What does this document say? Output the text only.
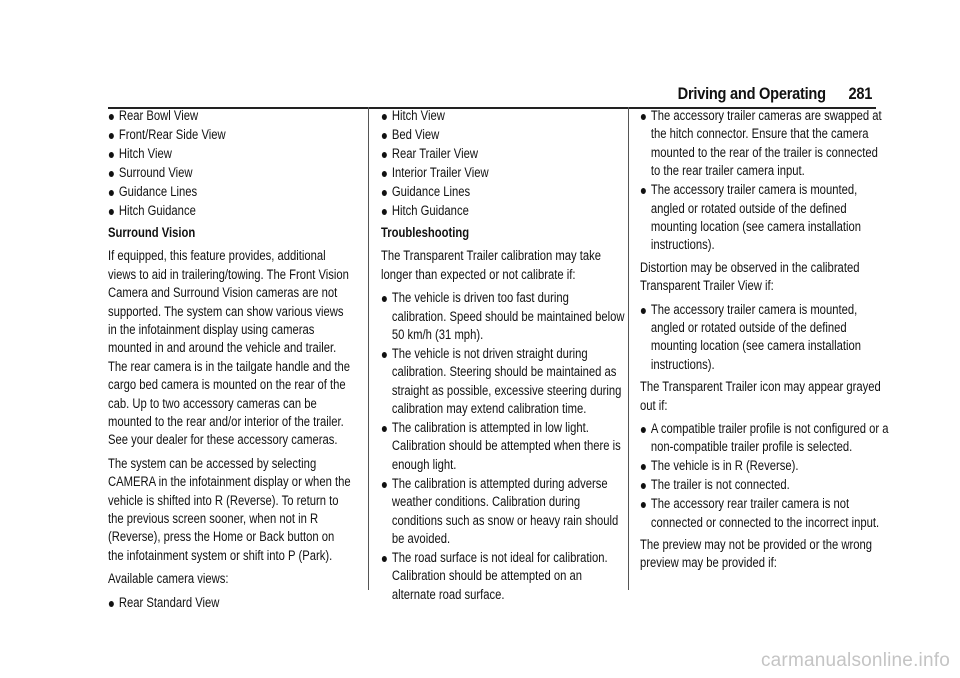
Driving and Operating 281
Rear Bowl View
Front/Rear Side View
Hitch View
Surround View
Guidance Lines
Hitch Guidance

Surround Vision

If equipped, this feature provides, additional views to aid in trailering/towing. The Front Vision Camera and Surround Vision cameras are not supported. The system can show various views in the infotainment display using cameras mounted in and around the vehicle and trailer. The rear camera is in the tailgate handle and the cargo bed camera is mounted on the rear of the cab. Up to two accessory cameras can be mounted to the rear and/or interior of the trailer. See your dealer for these accessory cameras.

The system can be accessed by selecting CAMERA in the infotainment display or when the vehicle is shifted into R (Reverse). To return to the previous screen sooner, when not in R (Reverse), press the Home or Back button on the infotainment system or shift into P (Park).

Available camera views:

Rear Standard View
Hitch View
Bed View
Rear Trailer View
Interior Trailer View
Guidance Lines
Hitch Guidance

Troubleshooting

The Transparent Trailer calibration may take longer than expected or not calibrate if:

The vehicle is driven too fast during calibration. Speed should be maintained below 50 km/h (31 mph).
The vehicle is not driven straight during calibration. Steering should be maintained as straight as possible, excessive steering during calibration may extend calibration time.
The calibration is attempted in low light. Calibration should be attempted when there is enough light.
The calibration is attempted during adverse weather conditions. Calibration during conditions such as snow or heavy rain should be avoided.
The road surface is not ideal for calibration. Calibration should be attempted on an alternate road surface.
The accessory trailer cameras are swapped at the hitch connector. Ensure that the camera mounted to the rear of the trailer is connected to the rear trailer camera input.
The accessory trailer camera is mounted, angled or rotated outside of the defined mounting location (see camera installation instructions).

Distortion may be observed in the calibrated Transparent Trailer View if:

The accessory trailer camera is mounted, angled or rotated outside of the defined mounting location (see camera installation instructions).

The Transparent Trailer icon may appear grayed out if:

A compatible trailer profile is not configured or a non-compatible trailer profile is selected.
The vehicle is in R (Reverse).
The trailer is not connected.
The accessory rear trailer camera is not connected or connected to the incorrect input.

The preview may not be provided or the wrong preview may be provided if:

carmanualsonline.info
